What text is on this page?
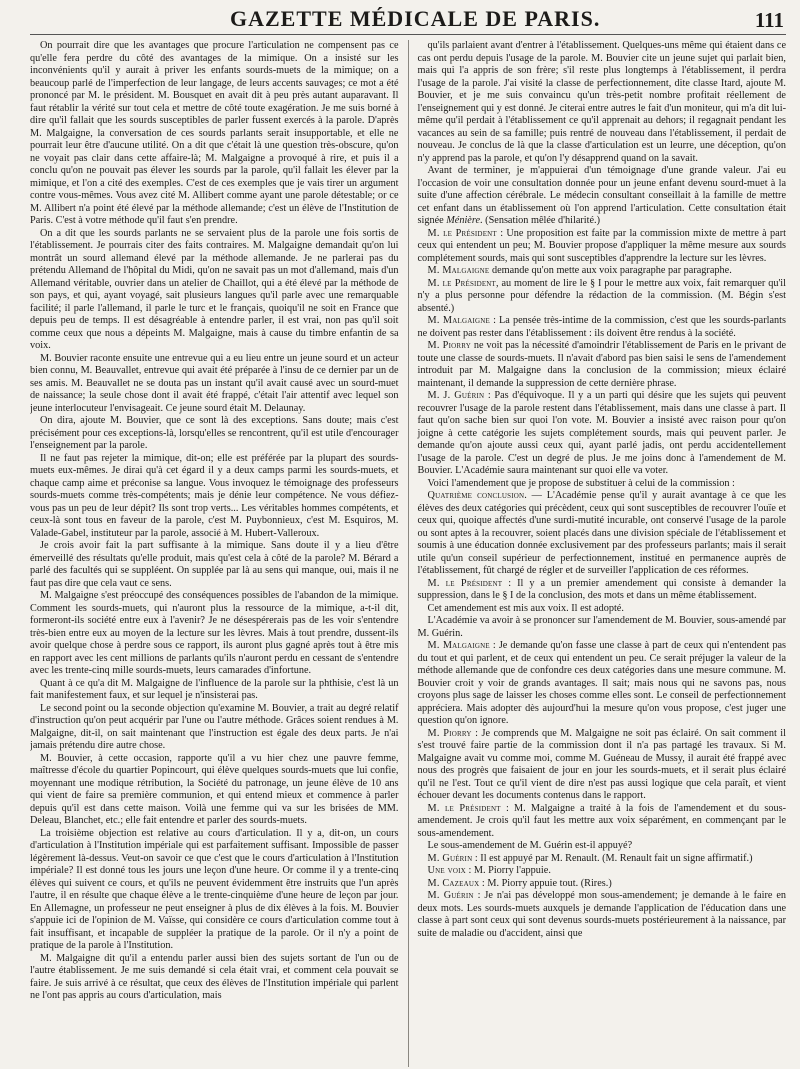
GAZETTE MÉDICALE DE PARIS.	111

On pourrait dire que les avantages que procure l'articulation ne compensent pas ce qu'elle fera perdre du côté des avantages de la mimique. On a insisté sur les inconvénients qu'il y aurait à priver les enfants sourds-muets de la mimique; on a beaucoup parlé de l'imperfection de leur langage, de leurs accents sauvages; ce mot a été prononcé par M. le président. M. Bousquet en avait dit à peu près autant auparavant. Il faut rétablir la vérité sur tout cela et mettre de côté toute exagération. Je me suis borné à dire qu'il fallait que les sourds susceptibles de parler fussent exercés à la parole. D'après M. Malgaigne, la conversation de ces sourds parlants serait insupportable, et elle ne pourrait leur être d'aucune utilité. On a dit que c'était là une question très-obscure, qu'on ne voyait pas clair dans cette affaire-là; M. Malgaigne a provoqué à rire, et puis il a conclu qu'on ne pouvait pas élever les sourds par la parole, qu'il fallait les élever par la mimique, et l'on a cité des exemples. C'est de ces exemples que je vais tirer un argument contre vous-mêmes. Vous avez cité M. Allibert comme ayant une parole détestable; or ce M. Allibert n'a point été élevé par la méthode allemande; c'est un élève de l'Institution de Paris. C'est à votre méthode qu'il faut s'en prendre.

On a dit que les sourds parlants ne se servaient plus de la parole une fois sortis de l'établissement. Je pourrais citer des faits contraires. M. Malgaigne demandait qu'on lui montrât un sourd allemand élevé par la méthode allemande. Je ne parlerai pas du prétendu Allemand de l'hôpital du Midi, qu'on ne savait pas un mot d'allemand, mais d'un Allemand véritable, ouvrier dans un atelier de Chaillot, qui a été élevé par la méthode de son pays, et qui, ayant voyagé, sait plusieurs langues qu'il parle avec une remarquable facilité; il parle l'allemand, il parle le turc et le français, quoiqu'il ne soit en France que depuis peu de temps. Il est désagréable à entendre parler, il est vrai, non pas qu'il soit comme ceux que nous a dépeints M. Malgaigne, mais à cause du timbre enfantin de sa voix.

M. Bouvier raconte ensuite une entrevue qui a eu lieu entre un jeune sourd et un acteur bien connu, M. Beauvallet, entrevue qui avait été préparée à l'insu de ce dernier par un de ses amis. M. Beauvallet ne se douta pas un instant qu'il avait causé avec un sourd-muet de naissance; la seule chose dont il avait été frappé, c'était l'air attentif avec lequel son jeune interlocuteur l'envisageait. Ce jeune sourd était M. Delaunay.

On dira, ajoute M. Bouvier, que ce sont là des exceptions. Sans doute; mais c'est précisément pour ces exceptions-là, lorsqu'elles se rencontrent, qu'il est utile d'encourager l'enseignement par la parole.

Il ne faut pas rejeter la mimique, dit-on; elle est préférée par la plupart des sourds-muets eux-mêmes. Je dirai qu'à cet égard il y a deux camps parmi les sourds-muets, et chaque camp aime et préconise sa langue. Vous invoquez le témoignage des professeurs sourds-muets comme très-compétents; mais je dénie leur compétence. Ne vous défiez-vous pas un peu de leur dépit? Ils sont trop verts... Les véritables hommes compétents, et ceux-là sont tous en faveur de la parole, c'est M. Puybonnieux, c'est M. Esquiros, M. Valade-Gabel, instituteur par la parole, associé à M. Hubert-Valleroux.

Je crois avoir fait la part suffisante à la mimique. Sans doute il y a lieu d'être émerveillé des résultats qu'elle produit, mais qu'est cela à côté de la parole? M. Bérard a parlé des facultés qui se suppléent. On supplée par là au sens qui manque, oui, mais il ne faut pas dire que cela vaut ce sens.

M. Malgaigne s'est préoccupé des conséquences possibles de l'abandon de la mimique. Comment les sourds-muets, qui n'auront plus la ressource de la mimique, a-t-il dit, formeront-ils société entre eux à l'avenir? Je ne désespérerais pas de les voir s'entendre très-bien entre eux au moyen de la lecture sur les lèvres. Mais à tout prendre, dussent-ils avoir quelque chose à perdre sous ce rapport, ils auront plus gagné après tout à être mis en rapport avec les cent millions de parlants qu'ils n'auront perdu en cessant de s'entendre avec les trente-cinq mille sourds-muets, leurs camarades d'infortune.

Quant à ce qu'a dit M. Malgaigne de l'influence de la parole sur la phthisie, c'est là un fait manifestement faux, et sur lequel je n'insisterai pas.

Le second point ou la seconde objection qu'examine M. Bouvier, a trait au degré relatif d'instruction qu'on peut acquérir par l'une ou l'autre méthode. Grâces soient rendues à M. Malgaigne, dit-il, on sait maintenant que l'instruction est égale des deux parts. Je n'ai jamais prétendu dire autre chose.

M. Bouvier, à cette occasion, rapporte qu'il a vu hier chez une pauvre femme, maîtresse d'école du quartier Popincourt, qui élève quelques sourds-muets que lui confie, moyennant une modique rétribution, la Société du patronage, un jeune élève de 10 ans qui vient de faire sa première communion, et qui entend mieux et commence à parler depuis qu'il est dans cette maison. Voilà une femme qui va sur les brisées de MM. Deleau, Blanchet, etc.; elle fait entendre et parler des sourds-muets.

La troisième objection est relative au cours d'articulation. Il y a, dit-on, un cours d'articulation à l'Institution impériale qui est parfaitement suffisant. Impossible de passer légèrement là-dessus. Veut-on savoir ce que c'est que le cours d'articulation à l'Institution impériale? Il est donné tous les jours une leçon d'une heure. Or comme il y a trente-cinq élèves qui suivent ce cours, et qu'ils ne peuvent évidemment être instruits que l'un après l'autre, il en résulte que chaque élève a le trente-cinquième d'une heure de leçon par jour. En Allemagne, un professeur ne peut enseigner à plus de dix élèves à la fois. M. Bouvier s'appuie ici de l'opinion de M. Vaïsse, qui considère ce cours d'articulation comme tout à fait insuffisant, et incapable de suppléer la pratique de la parole. Or il n'y a point de pratique de la parole à l'Institution.

M. Malgaigne dit qu'il a entendu parler aussi bien des sujets sortant de l'un ou de l'autre établissement. Je me suis demandé si cela était vrai, et comment cela pouvait se faire. Je suis arrivé à ce résultat, que ceux des élèves de l'Institution impériale qui parlent ne l'ont pas appris au cours d'articulation, mais

qu'ils parlaient avant d'entrer à l'établissement. Quelques-uns même qui étaient dans ce cas ont perdu depuis l'usage de la parole. M. Bouvier cite un jeune sujet qui parlait bien, mais qui l'a appris de son frère; s'il reste plus longtemps à l'établissement, il perdra l'usage de la parole. J'ai visité la classe de perfectionnement, dite classe Itard, ajoute M. Bouvier, et je me suis convaincu qu'un très-petit nombre profitait réellement de l'enseignement qui y est donné. Je citerai entre autres le fait d'un moniteur, qui m'a dit lui-même qu'il perdait à l'établissement ce qu'il apprenait au dehors; il regagnait pendant les vacances au sein de sa famille; puis rentré de nouveau dans l'établissement, il perdait de nouveau. Je conclus de là que la classe d'articulation est un leurre, une déception, qu'on n'y apprend pas la parole, et qu'on l'y désapprend quand on la savait.

Avant de terminer, je m'appuierai d'un témoignage d'une grande valeur. J'ai eu l'occasion de voir une consultation donnée pour un jeune enfant devenu sourd-muet à la suite d'une affection cérébrale. Le médecin consultant conseillait à la famille de mettre cet enfant dans un établissement où l'on apprend l'articulation. Cette consultation était signée Ménière. (Sensation mêlée d'hilarité.)

M. le Président : Une proposition est faite par la commission mixte de mettre à part ceux qui entendent un peu; M. Bouvier propose d'appliquer la même mesure aux sourds complétement sourds, mais qui sont susceptibles d'apprendre la lecture sur les lèvres.

M. Malgaigne demande qu'on mette aux voix paragraphe par paragraphe.

M. le Président, au moment de lire le § I pour le mettre aux voix, fait remarquer qu'il n'y a plus personne pour défendre la rédaction de la commission. (M. Bégin s'est absenté.)

M. Malgaigne : La pensée très-intime de la commission, c'est que les sourds-parlants ne doivent pas rester dans l'établissement : ils doivent être rendus à la société.

M. Piorry ne voit pas la nécessité d'amoindrir l'établissement de Paris en le privant de toute une classe de sourds-muets. Il n'avait d'abord pas bien saisi le sens de l'amendement introduit par M. Malgaigne dans la conclusion de la commission; mieux éclairé maintenant, il demande la suppression de cette dernière phrase.

M. J. Guérin : Pas d'équivoque. Il y a un parti qui désire que les sujets qui peuvent recouvrer l'usage de la parole restent dans l'établissement, mais dans une classe à part. Il faut qu'on sache bien sur quoi l'on vote. M. Bouvier a insisté avec raison pour qu'on joigne à cette catégorie les sujets complétement sourds, mais qui peuvent parler. Je demande qu'on ajoute aussi ceux qui, ayant parlé jadis, ont perdu accidentellement l'usage de la parole. C'est un degré de plus. Je me joins donc à l'amendement de M. Bouvier. L'Académie saura maintenant sur quoi elle va voter.

Voici l'amendement que je propose de substituer à celui de la commission :

Quatrième conclusion. — L'Académie pense qu'il y aurait avantage à ce que les élèves des deux catégories qui précèdent, ceux qui sont susceptibles de recouvrer l'ouïe et ceux qui, quoique affectés d'une surdi-mutité incurable, ont conservé l'usage de la parole ou sont aptes à la recouvrer, soient placés dans une division spéciale de l'établissement et soumis à une éducation donnée exclusivement par des professeurs parlants; mais il serait utile qu'un conseil supérieur de perfectionnement, institué en permanence auprès de l'établissement, fût chargé de régler et de surveiller l'application de ces réformes.

M. le Président : Il y a un premier amendement qui consiste à demander la suppression, dans le § I de la conclusion, des mots et dans un même établissement.

Cet amendement est mis aux voix. Il est adopté.

L'Académie va avoir à se prononcer sur l'amendement de M. Bouvier, sous-amendé par M. Guérin.

M. Malgaigne : Je demande qu'on fasse une classe à part de ceux qui n'entendent pas du tout et qui parlent, et de ceux qui entendent un peu. Ce serait préjuger la valeur de la méthode allemande que de confondre ces deux catégories dans une mesure commune. M. Bouvier croit y voir de grands avantages. Il sait; mais nous qui ne savons pas, nous croyons plus sage de laisser les choses comme elles sont. Le conseil de perfectionnement appréciera. Mais adopter dès aujourd'hui la mesure qu'on vous propose, c'est juger une question qu'on ignore.

M. Piorry : Je comprends que M. Malgaigne ne soit pas éclairé. On sait comment il s'est trouvé faire partie de la commission dont il n'a pas partagé les travaux. Si M. Malgaigne avait vu comme moi, comme M. Guéneau de Mussy, il aurait été frappé avec nous des progrès que faisaient de jour en jour les sourds-muets, et il serait plus éclairé qu'il ne l'est. Tout ce qu'il vient de dire n'est pas aussi logique que cela paraît, et vient échouer devant les documents contenus dans le rapport.

M. le Président : M. Malgaigne a traité à la fois de l'amendement et du sous-amendement. Je crois qu'il faut les mettre aux voix séparément, en commençant par le sous-amendement.

Le sous-amendement de M. Guérin est-il appuyé?

M. Guérin : Il est appuyé par M. Renault. (M. Renault fait un signe affirmatif.)

Une voix : M. Piorry l'appuie.

M. Cazeaux : M. Piorry appuie tout. (Rires.)

M. Guérin : Je n'ai pas développé mon sous-amendement; je demande à le faire en deux mots. Les sourds-muets auxquels je demande l'application de l'éducation dans une classe à part sont ceux qui sont devenus sourds-muets postérieurement à la naissance, par suite de maladie ou d'accident, ainsi que
